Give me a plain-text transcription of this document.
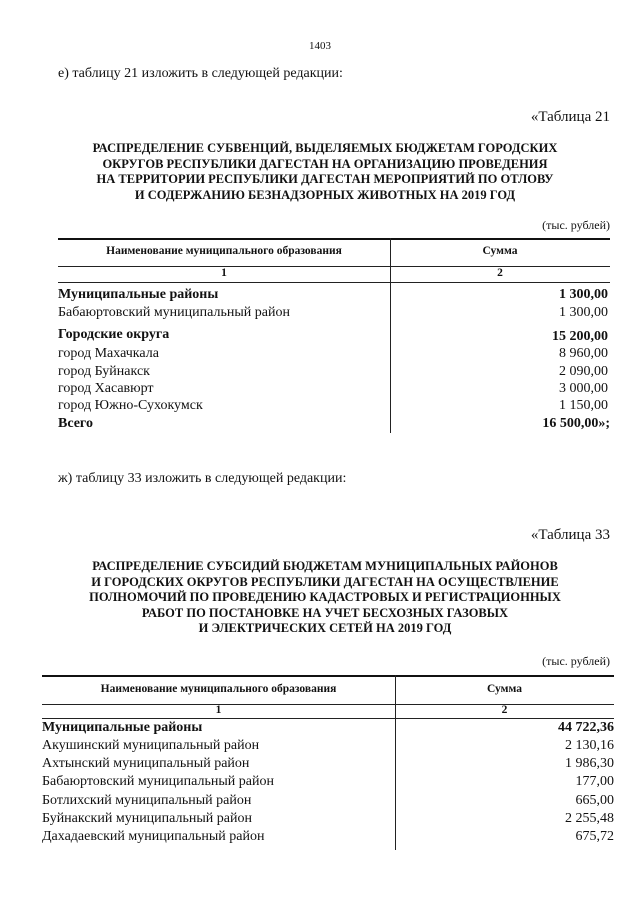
1403
е) таблицу 21 изложить в следующей редакции:
«Таблица 21
РАСПРЕДЕЛЕНИЕ СУБВЕНЦИЙ, ВЫДЕЛЯЕМЫХ БЮДЖЕТАМ ГОРОДСКИХ
ОКРУГОВ РЕСПУБЛИКИ ДАГЕСТАН НА ОРГАНИЗАЦИЮ ПРОВЕДЕНИЯ
НА ТЕРРИТОРИИ РЕСПУБЛИКИ ДАГЕСТАН МЕРОПРИЯТИЙ ПО ОТЛОВУ
И СОДЕРЖАНИЮ БЕЗНАДЗОРНЫХ ЖИВОТНЫХ НА 2019 ГОД
(тыс. рублей)
Наименование муниципального образования	Сумма
1	2
Муниципальные районы	1 300,00
Бабаюртовский муниципальный район	1 300,00
Городские округа	15 200,00
город Махачкала	8 960,00
город Буйнакск	2 090,00
город Хасавюрт	3 000,00
город Южно-Сухокумск	1 150,00
Всего	16 500,00»;
ж) таблицу 33 изложить в следующей редакции:
«Таблица 33
РАСПРЕДЕЛЕНИЕ СУБСИДИЙ БЮДЖЕТАМ МУНИЦИПАЛЬНЫХ РАЙОНОВ
И ГОРОДСКИХ ОКРУГОВ РЕСПУБЛИКИ ДАГЕСТАН НА ОСУЩЕСТВЛЕНИЕ
ПОЛНОМОЧИЙ ПО ПРОВЕДЕНИЮ КАДАСТРОВЫХ И РЕГИСТРАЦИОННЫХ
РАБОТ ПО ПОСТАНОВКЕ НА УЧЕТ БЕСХОЗНЫХ ГАЗОВЫХ
И ЭЛЕКТРИЧЕСКИХ СЕТЕЙ НА 2019 ГОД
(тыс. рублей)
Наименование муниципального образования	Сумма
1	2
Муниципальные районы	44 722,36
Акушинский муниципальный район	2 130,16
Ахтынский муниципальный район	1 986,30
Бабаюртовский муниципальный район	177,00
Ботлихский муниципальный район	665,00
Буйнакский муниципальный район	2 255,48
Дахадаевский муниципальный район	675,72
